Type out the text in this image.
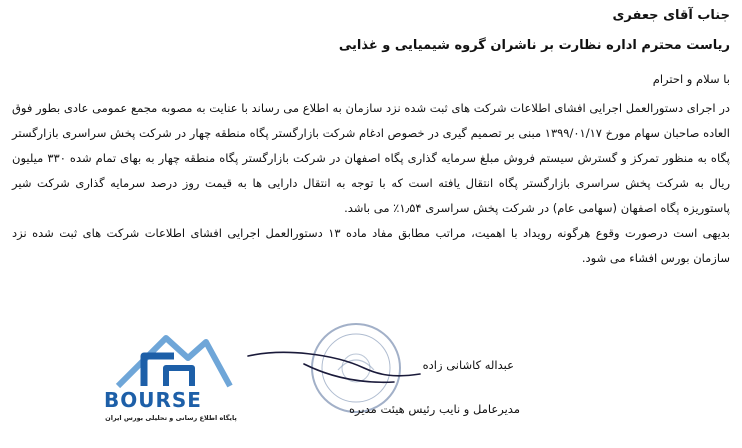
جناب آقای جعفری
ریاست محترم اداره نظارت بر ناشران گروه شیمیایی و غذایی
با سلام و احترام

در اجرای دستورالعمل اجرایی افشای اطلاعات شرکت های ثبت شده نزد سازمان به اطلاع می رساند با عنایت به مصوبه مجمع عمومی عادی بطور فوق العاده صاحبان سهام مورخ ۱۳۹۹/۰۱/۱۷ مبنی بر تصمیم گیری در خصوص ادغام شرکت بازارگستر پگاه منطقه چهار در شرکت پخش سراسری بازارگستر پگاه به منظور تمرکز و گسترش سیستم فروش مبلغ سرمایه گذاری پگاه اصفهان در شرکت بازارگستر پگاه منطقه چهار به بهای تمام شده ۳۳۰ میلیون ریال به شرکت پخش سراسری بازارگستر پگاه انتقال یافته است که با توجه به انتقال دارایی ها به قیمت روز درصد سرمایه گذاری شرکت شیر پاستوریزه پگاه اصفهان (سهامی عام) در شرکت پخش سراسری ۱٫۵۴٪ می باشد.

بدیهی است درصورت وقوع هرگونه رویداد با اهمیت، مراتب مطابق مفاد ماده ۱۳ دستورالعمل اجرایی افشای اطلاعات شرکت های ثبت شده نزد سازمان بورس افشاء می شود.

عبداله کاشانی زاده
مدیرعامل و نایب رئیس هیئت مدیره
BOURSE
پایگاه اطلاع رسانی و تحلیلی بورس ایران
